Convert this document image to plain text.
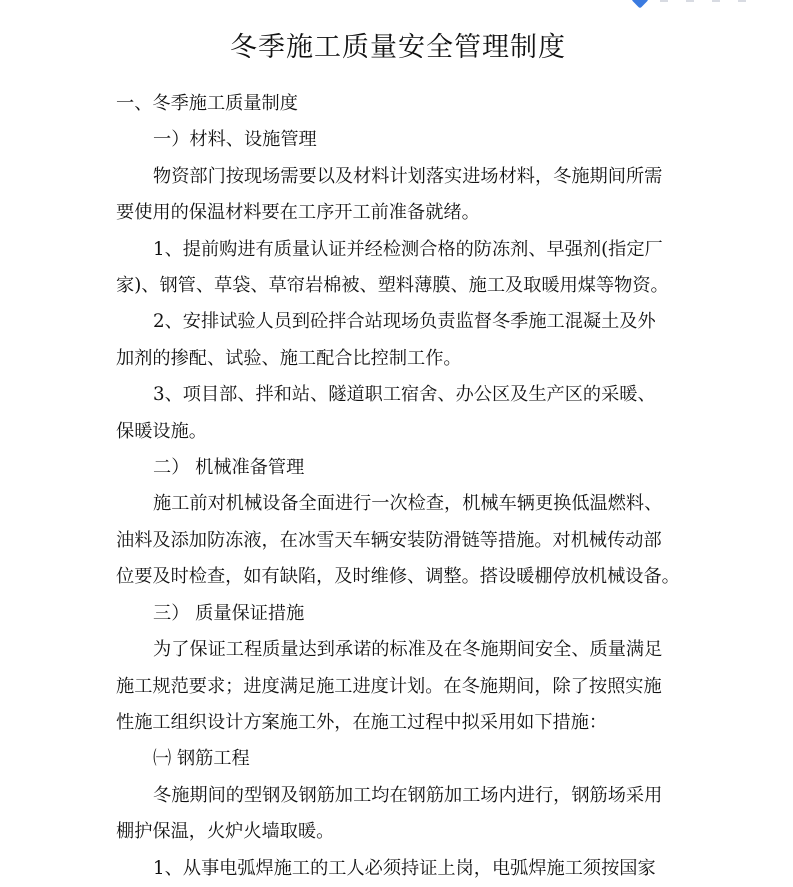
冬季施工质量安全管理制度

一、冬季施工质量制度

一）材料、设施管理

物资部门按现场需要以及材料计划落实进场材料，冬施期间所需

要使用的保温材料要在工序开工前准备就绪。

1、提前购进有质量认证并经检测合格的防冻剂、早强剂(指定厂

家)、钢管、草袋、草帘岩棉被、塑料薄膜、施工及取暖用煤等物资。

2、安排试验人员到砼拌合站现场负责监督冬季施工混凝土及外

加剂的掺配、试验、施工配合比控制工作。

3、项目部、拌和站、隧道职工宿舍、办公区及生产区的采暖、

保暖设施。

二） 机械准备管理

施工前对机械设备全面进行一次检查，机械车辆更换低温燃料、

油料及添加防冻液，在冰雪天车辆安装防滑链等措施。对机械传动部

位要及时检查，如有缺陷，及时维修、调整。搭设暖棚停放机械设备。

三） 质量保证措施

为了保证工程质量达到承诺的标准及在冬施期间安全、质量满足

施工规范要求；进度满足施工进度计划。在冬施期间，除了按照实施

性施工组织设计方案施工外，在施工过程中拟采用如下措施：

㈠ 钢筋工程

冬施期间的型钢及钢筋加工均在钢筋加工场内进行，钢筋场采用

棚护保温，火炉火墙取暖。

1、从事电弧焊施工的工人必须持证上岗，电弧焊施工须按国家
